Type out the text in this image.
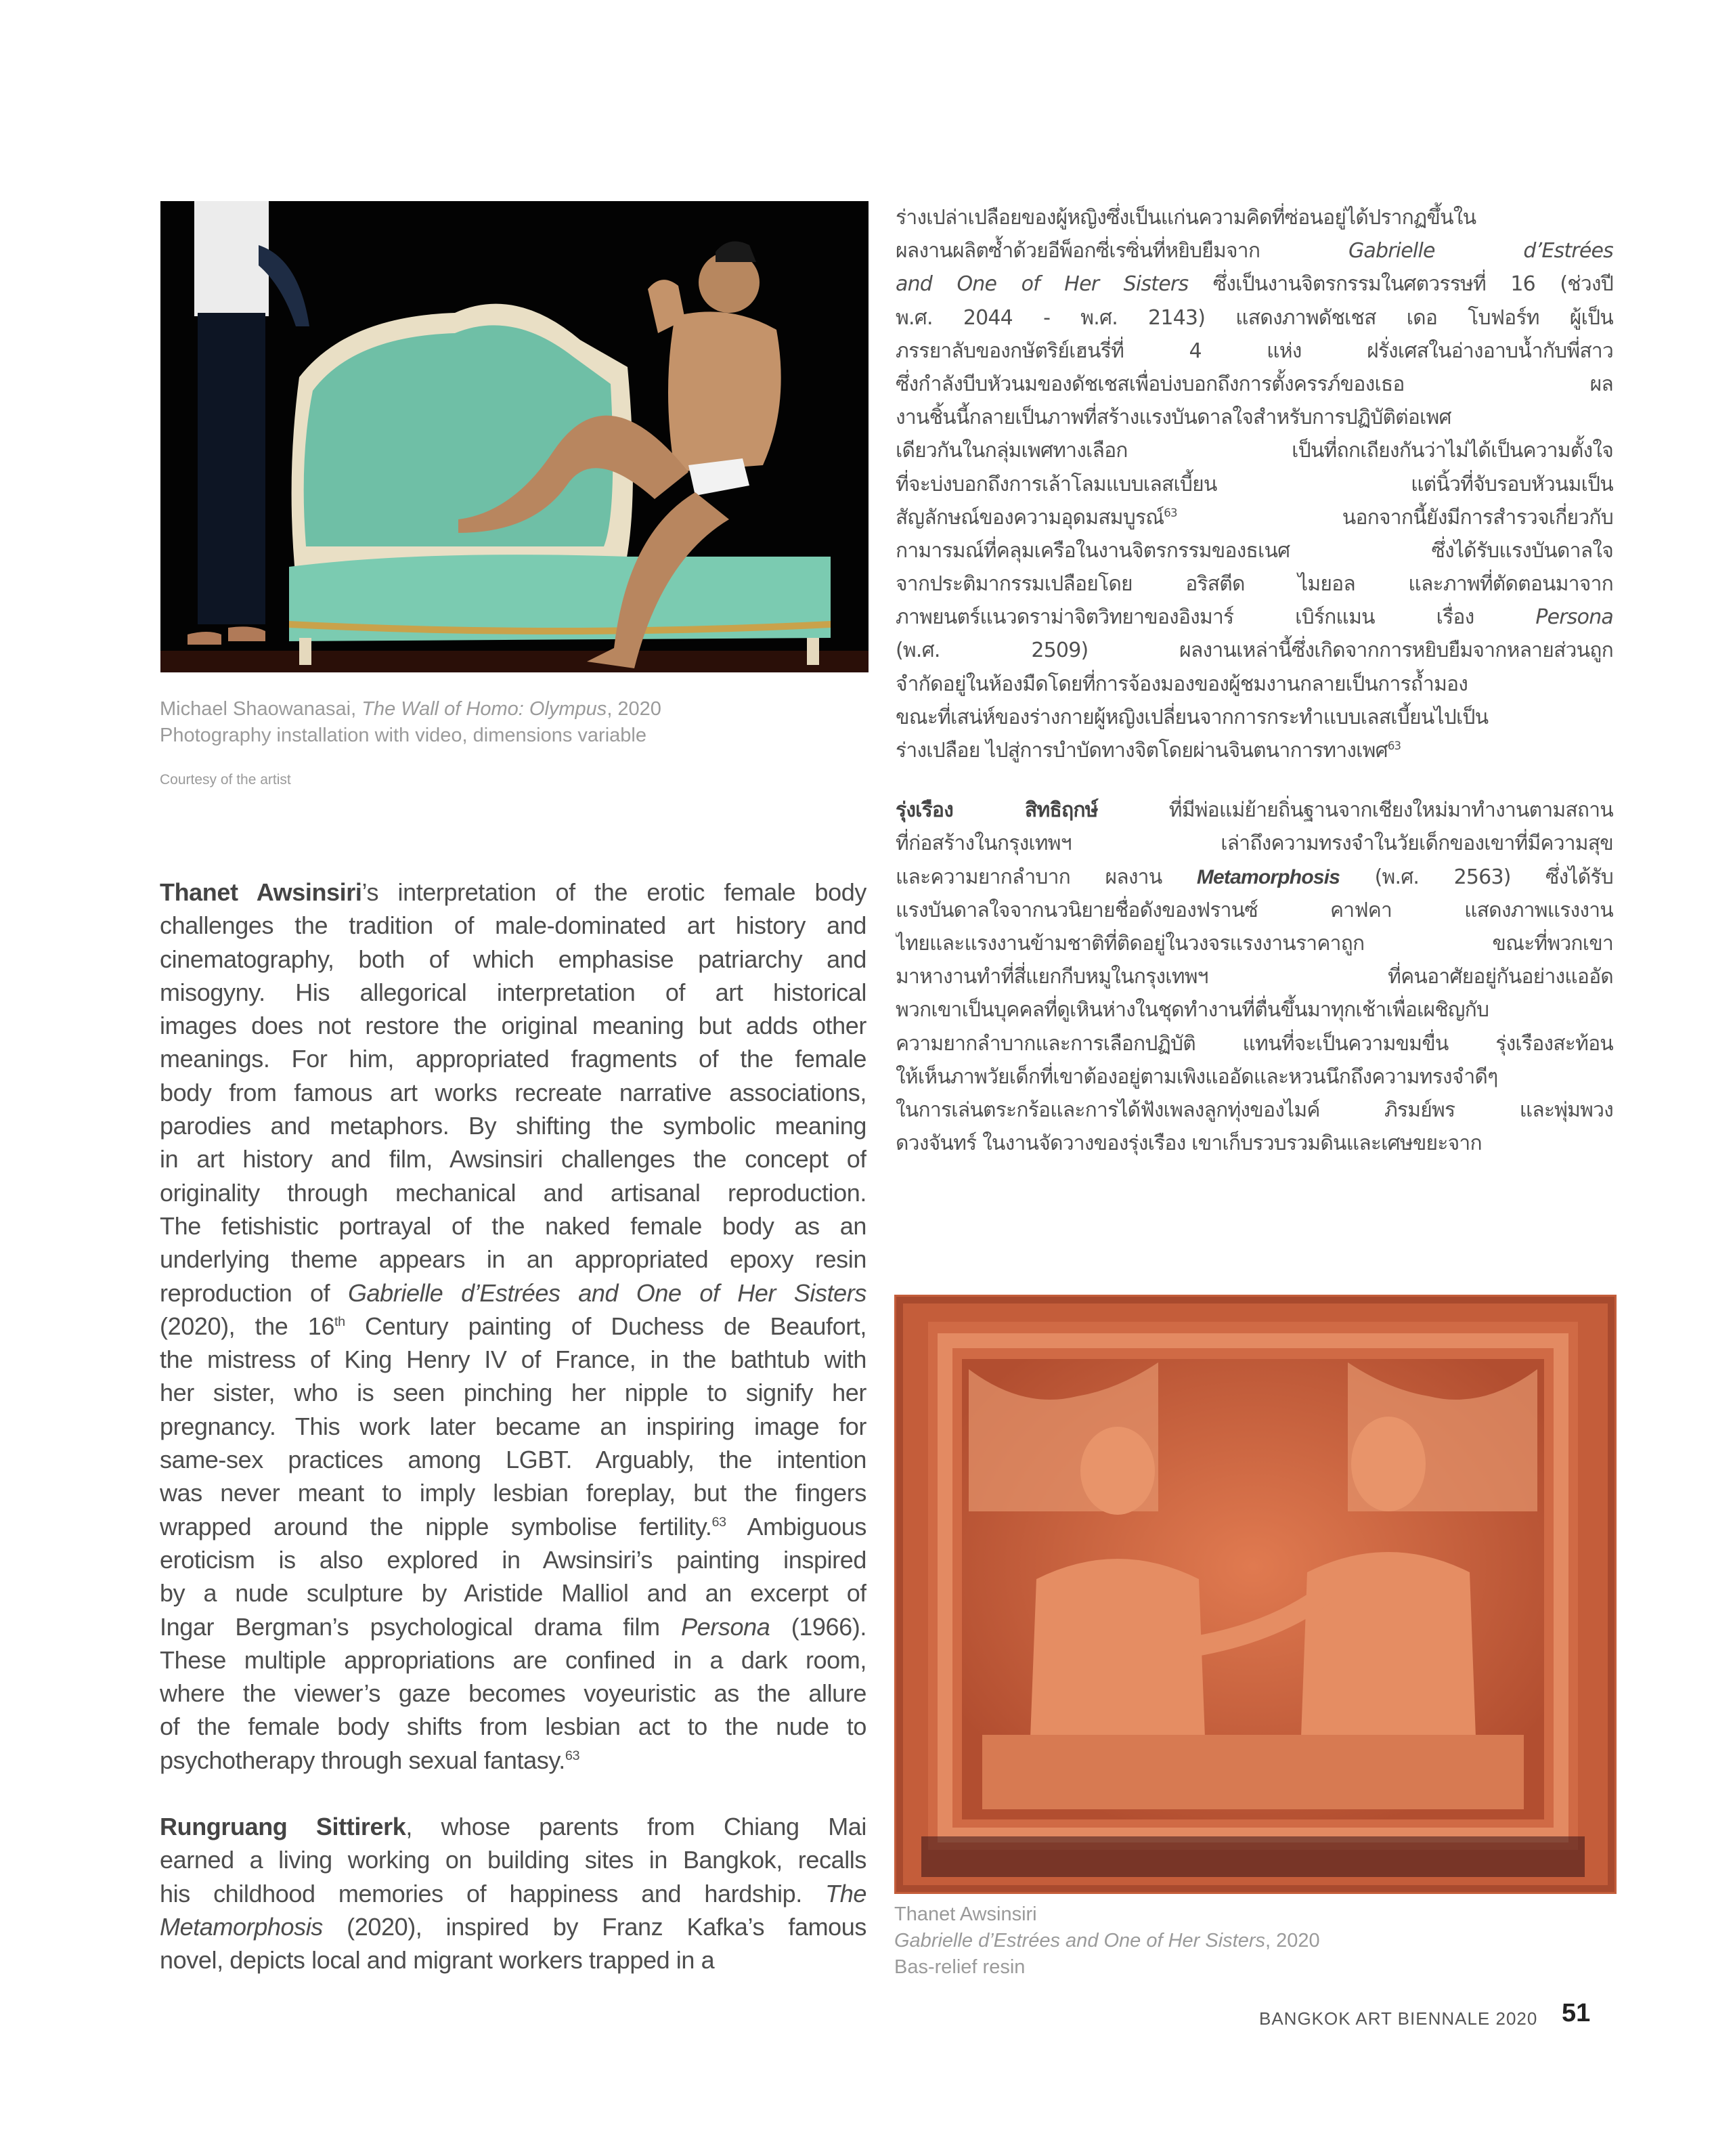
Michael Shaowanasai, The Wall of Homo: Olympus, 2020
Photography installation with video, dimensions variable
Courtesy of the artist
Thanet Awsinsiri’s interpretation of the erotic female body
challenges the tradition of male-dominated art history and
cinematography, both of which emphasise patriarchy and
misogyny. His allegorical interpretation of art historical
images does not restore the original meaning but adds other
meanings. For him, appropriated fragments of the female
body from famous art works recreate narrative associations,
parodies and metaphors. By shifting the symbolic meaning
in art history and film, Awsinsiri challenges the concept of
originality through mechanical and artisanal reproduction.
The fetishistic portrayal of the naked female body as an
underlying theme appears in an appropriated epoxy resin
reproduction of Gabrielle d’Estrées and One of Her Sisters
(2020), the 16th Century painting of Duchess de Beaufort,
the mistress of King Henry IV of France, in the bathtub with
her sister, who is seen pinching her nipple to signify her
pregnancy. This work later became an inspiring image for
same-sex practices among LGBT. Arguably, the intention
was never meant to imply lesbian foreplay, but the fingers
wrapped around the nipple symbolise fertility.$^{63}$ Ambiguous
eroticism is also explored in Awsinsiri’s painting inspired
by a nude sculpture by Aristide Malliol and an excerpt of
Ingar Bergman’s psychological drama film Persona (1966).
These multiple appropriations are confined in a dark room,
where the viewer’s gaze becomes voyeuristic as the allure
of the female body shifts from lesbian act to the nude to
psychotherapy through sexual fantasy.$^{63}$
Rungruang Sittirerk, whose parents from Chiang Mai
earned a living working on building sites in Bangkok, recalls
his childhood memories of happiness and hardship. The
Metamorphosis (2020), inspired by Franz Kafka’s famous
novel, depicts local and migrant workers trapped in a
ร่างเปล่าเปลือยของผู้หญิงซึ่งเป็นแก่นความคิดที่ซ่อนอยู่ได้ปรากฏขึ้นใน
ผลงานผลิตซ้ำด้วยอีพ็อกซี่เรซิ่นที่หยิบยืมจาก Gabrielle d’Estrées
and One of Her Sisters ซึ่งเป็นงานจิตรกรรมในศตวรรษที่ 16 (ช่วงปี
พ.ศ. 2044 - พ.ศ. 2143) แสดงภาพดัชเชส เดอ โบฟอร์ท ผู้เป็น
ภรรยาลับของกษัตริย์เฮนรี่ที่ 4 แห่ง ฝรั่งเศสในอ่างอาบน้ำกับพี่สาว
ซึ่งกำลังบีบหัวนมของดัชเชสเพื่อบ่งบอกถึงการตั้งครรภ์ของเธอ ผล
งานชิ้นนี้กลายเป็นภาพที่สร้างแรงบันดาลใจสำหรับการปฏิบัติต่อเพศ
เดียวกันในกลุ่มเพศทางเลือก เป็นที่ถกเถียงกันว่าไม่ได้เป็นความตั้งใจ
ที่จะบ่งบอกถึงการเล้าโลมแบบเลสเบี้ยน แต่นิ้วที่จับรอบหัวนมเป็น
สัญลักษณ์ของความอุดมสมบูรณ์$^{63}$ นอกจากนี้ยังมีการสำรวจเกี่ยวกับ
กามารมณ์ที่คลุมเครือในงานจิตรกรรมของธเนศ ซึ่งได้รับแรงบันดาลใจ
จากประติมากรรมเปลือยโดย อริสตีด ไมยอล และภาพที่ตัดตอนมาจาก
ภาพยนตร์แนวดราม่าจิตวิทยาของอิงมาร์ เบิร์กแมน เรื่อง Persona
(พ.ศ. 2509) ผลงานเหล่านี้ซึ่งเกิดจากการหยิบยืมจากหลายส่วนถูก
จำกัดอยู่ในห้องมืดโดยที่การจ้องมองของผู้ชมงานกลายเป็นการถ้ำมอง
ขณะที่เสน่ห์ของร่างกายผู้หญิงเปลี่ยนจากการกระทำแบบเลสเบี้ยนไปเป็น
ร่างเปลือย ไปสู่การบำบัดทางจิตโดยผ่านจินตนาการทางเพศ$^{63}$
รุ่งเรือง สิทธิฤกษ์ ที่มีพ่อแม่ย้ายถิ่นฐานจากเชียงใหม่มาทำงานตามสถาน
ที่ก่อสร้างในกรุงเทพฯ เล่าถึงความทรงจำในวัยเด็กของเขาที่มีความสุข
และความยากลำบาก ผลงาน Metamorphosis (พ.ศ. 2563) ซึ่งได้รับ
แรงบันดาลใจจากนวนิยายชื่อดังของฟรานซ์ คาฟคา แสดงภาพแรงงาน
ไทยและแรงงานข้ามชาติที่ติดอยู่ในวงจรแรงงานราคาถูก ขณะที่พวกเขา
มาหางานทำที่สี่แยกกีบหมูในกรุงเทพฯ ที่คนอาศัยอยู่กันอย่างแออัด
พวกเขาเป็นบุคคลที่ดูเหินห่างในชุดทำงานที่ตื่นขึ้นมาทุกเช้าเพื่อเผชิญกับ
ความยากลำบากและการเลือกปฏิบัติ แทนที่จะเป็นความขมขื่น รุ่งเรืองสะท้อน
ให้เห็นภาพวัยเด็กที่เขาต้องอยู่ตามเพิงแออัดและหวนนึกถึงความทรงจำดีๆ
ในการเล่นตระกร้อและการได้ฟังเพลงลูกทุ่งของไมค์ ภิรมย์พร และพุ่มพวง
ดวงจันทร์ ในงานจัดวางของรุ่งเรือง เขาเก็บรวบรวมดินและเศษขยะจาก
Thanet Awsinsiri
Gabrielle d’Estrées and One of Her Sisters, 2020
Bas-relief resin
BANGKOK ART BIENNALE 2020 51
